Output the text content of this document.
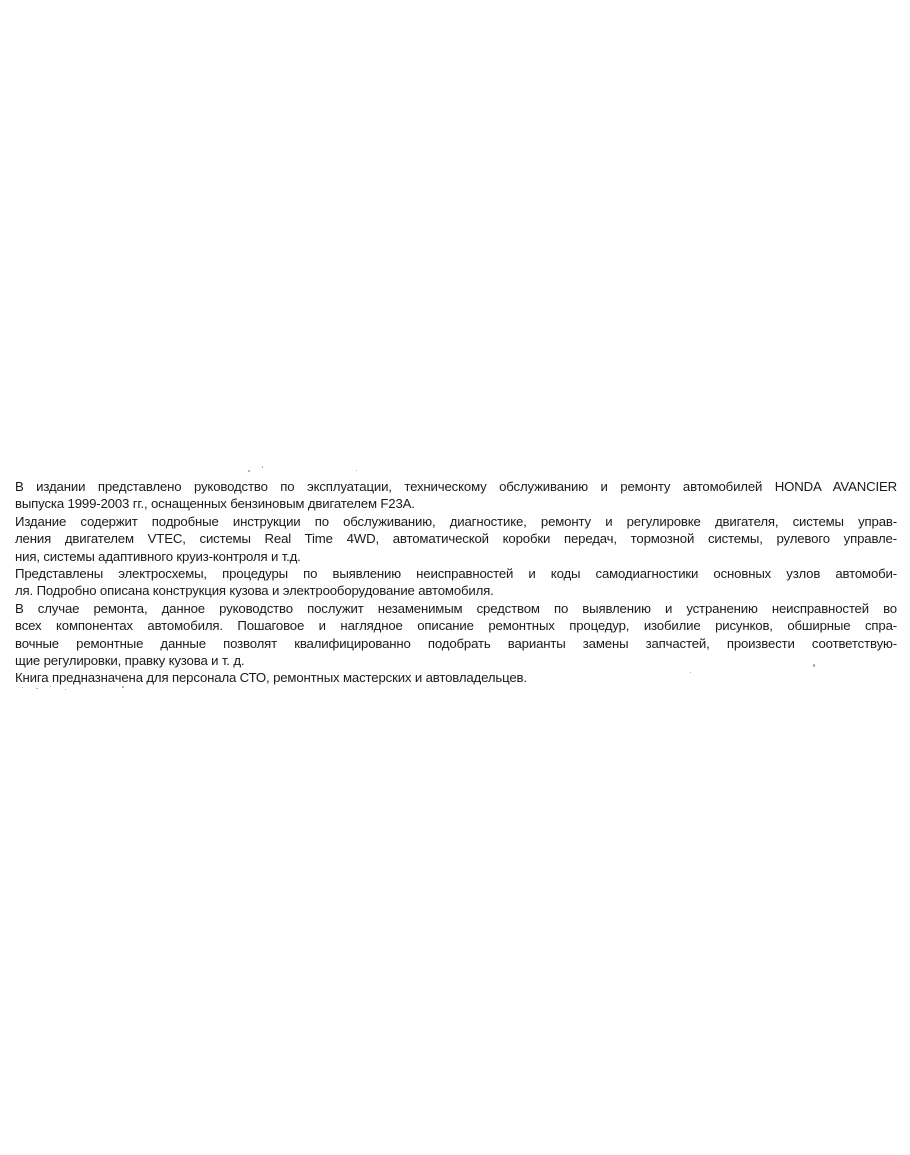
В издании представлено руководство по эксплуатации, техническому обслуживанию и ремонту автомобилей HONDA AVANCIER
выпуска 1999-2003 гг., оснащенных бензиновым двигателем F23A.
Издание содержит подробные инструкции по обслуживанию, диагностике, ремонту и регулировке двигателя, системы управ-
ления двигателем VTEC, системы Real Time 4WD, автоматической коробки передач, тормозной системы, рулевого управле-
ния, системы адаптивного круиз-контроля и т.д.
Представлены электросхемы, процедуры по выявлению неисправностей и коды самодиагностики основных узлов автомоби-
ля. Подробно описана конструкция кузова и электрооборудование автомобиля.
В случае ремонта, данное руководство послужит незаменимым средством по выявлению и устранению неисправностей во
всех компонентах автомобиля. Пошаговое и наглядное описание ремонтных процедур, изобилие рисунков, обширные спра-
вочные ремонтные данные позволят квалифицированно подобрать варианты замены запчастей, произвести соответствую-
щие регулировки, правку кузова и т. д.
Книга предназначена для персонала СТО, ремонтных мастерских и автовладельцев.
